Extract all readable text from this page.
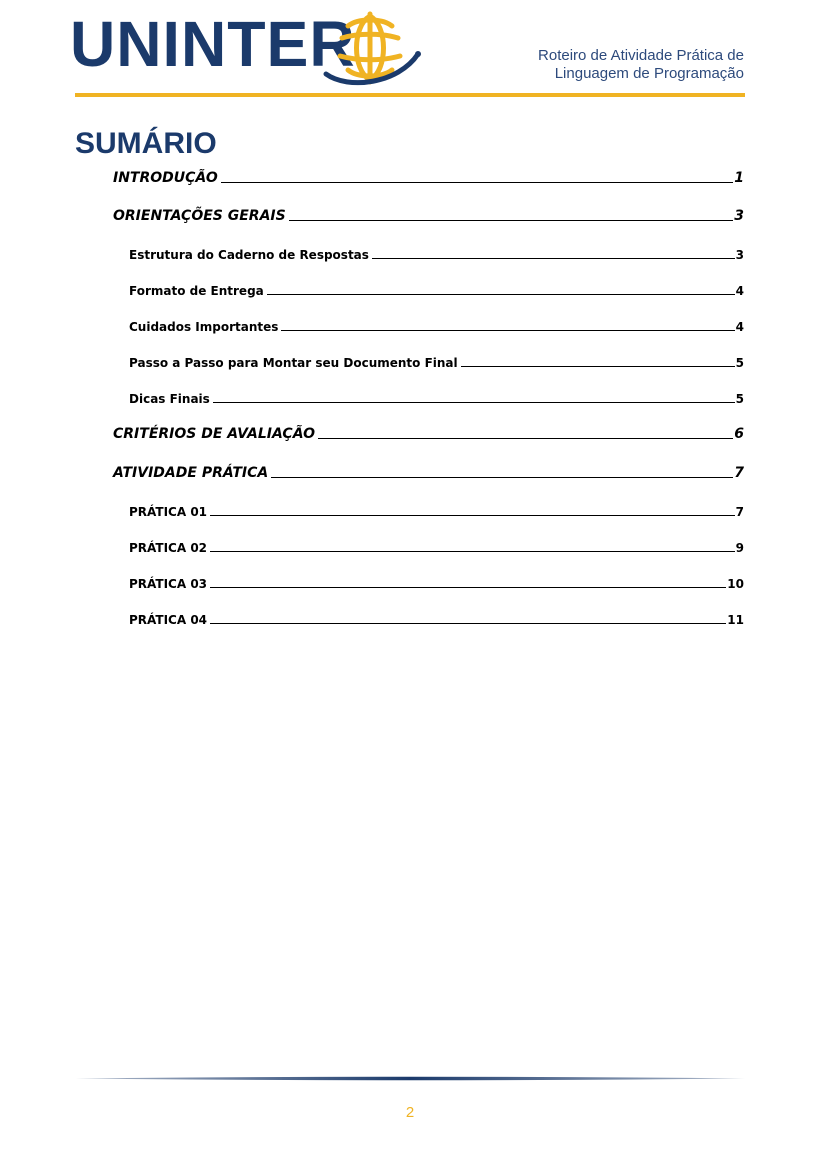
UNINTER	Roteiro de Atividade Prática de
Linguagem de Programação
SUMÁRIO
INTRODUÇÃO	1
ORIENTAÇÕES GERAIS	3
Estrutura do Caderno de Respostas	3
Formato de Entrega	4
Cuidados Importantes	4
Passo a Passo para Montar seu Documento Final	5
Dicas Finais	5
CRITÉRIOS DE AVALIAÇÃO	6
ATIVIDADE PRÁTICA	7
PRÁTICA 01	7
PRÁTICA 02	9
PRÁTICA 03	10
PRÁTICA 04	11
2
